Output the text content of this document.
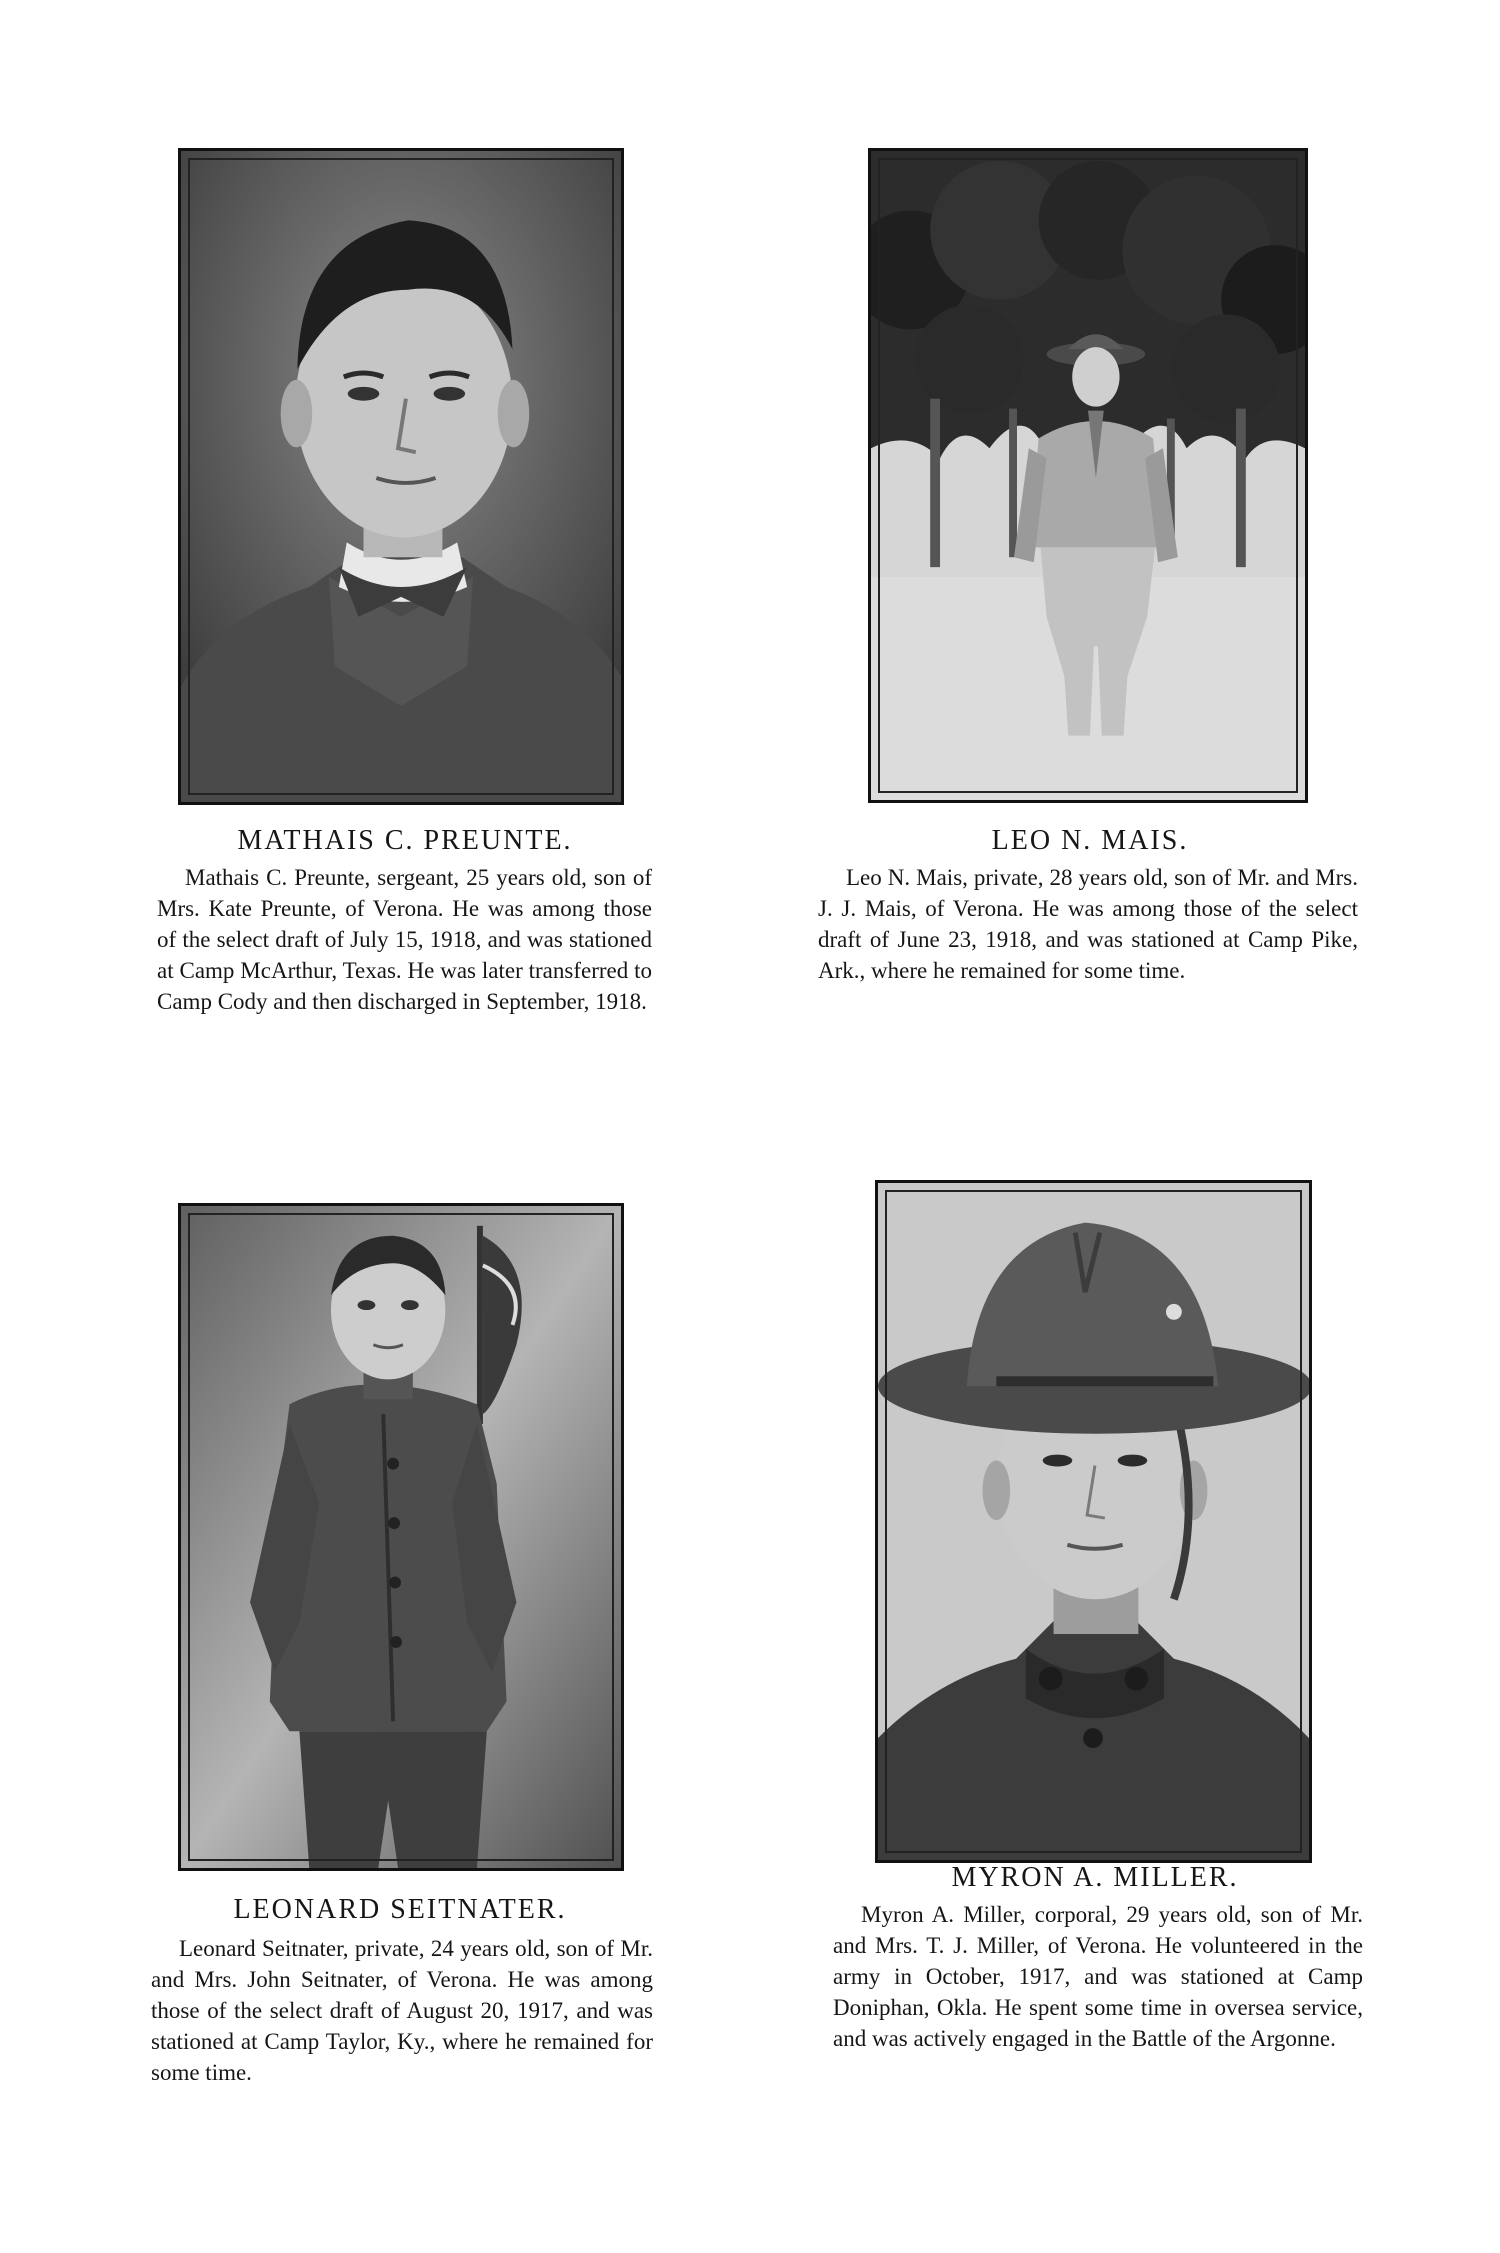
MATHAIS C. PREUNTE.

Mathais C. Preunte, sergeant, 25 years old, son of Mrs. Kate Preunte, of Verona. He was among those of the select draft of July 15, 1918, and was stationed at Camp McArthur, Texas. He was later transferred to Camp Cody and then discharged in September, 1918.

LEO N. MAIS.

Leo N. Mais, private, 28 years old, son of Mr. and Mrs. J. J. Mais, of Verona. He was among those of the select draft of June 23, 1918, and was stationed at Camp Pike, Ark., where he remained for some time.

LEONARD SEITNATER.

Leonard Seitnater, private, 24 years old, son of Mr. and Mrs. John Seitnater, of Verona. He was among those of the select draft of August 20, 1917, and was stationed at Camp Taylor, Ky., where he remained for some time.

MYRON A. MILLER.

Myron A. Miller, corporal, 29 years old, son of Mr. and Mrs. T. J. Miller, of Verona. He volunteered in the army in October, 1917, and was stationed at Camp Doniphan, Okla. He spent some time in oversea service, and was actively engaged in the Battle of the Argonne.
